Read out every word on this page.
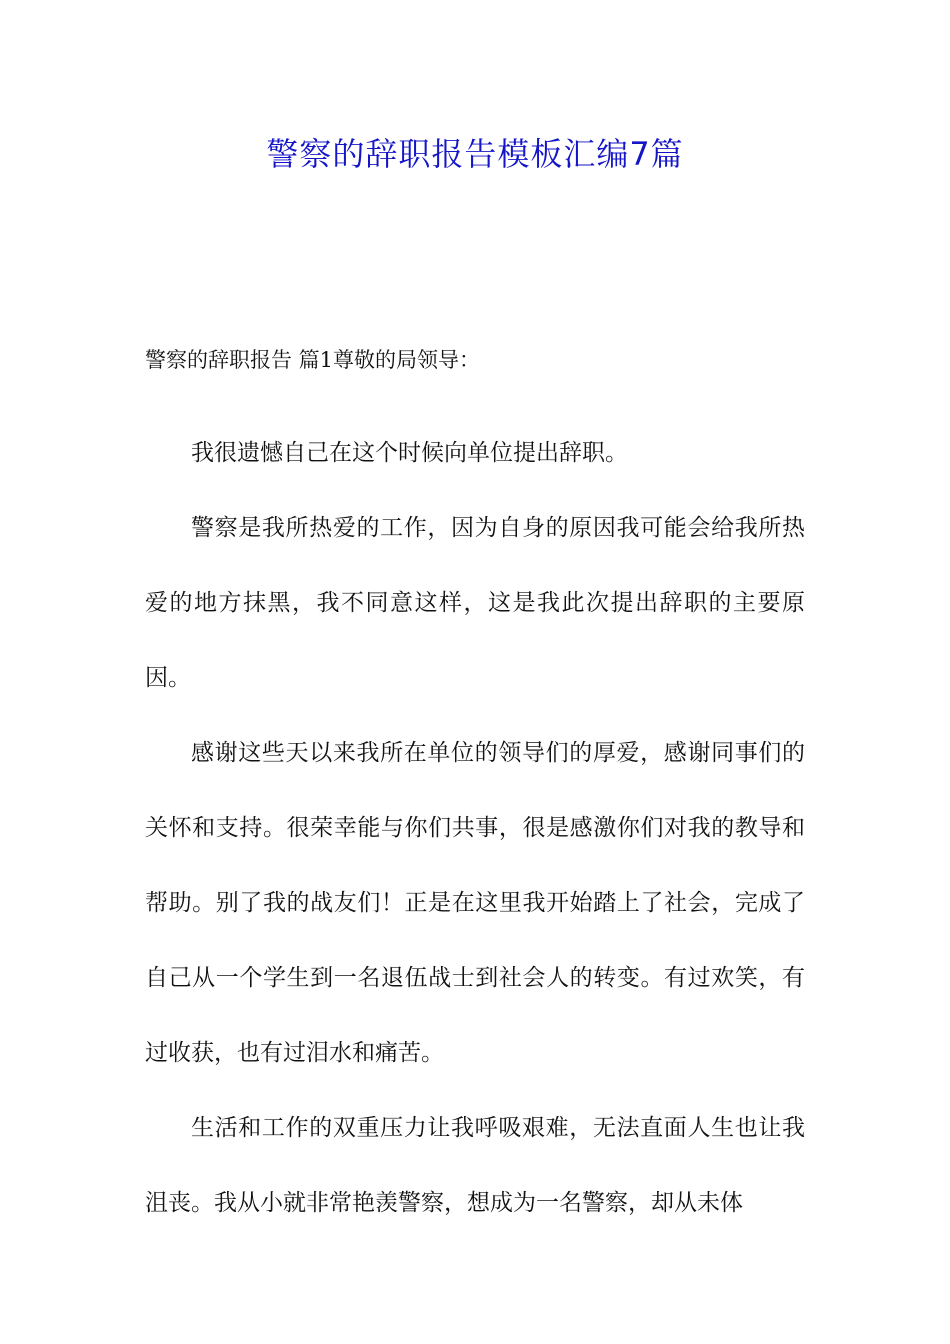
警察的辞职报告模板汇编7篇

警察的辞职报告 篇1尊敬的局领导：

我很遗憾自己在这个时候向单位提出辞职。

警察是我所热爱的工作，因为自身的原因我可能会给我所热爱的地方抹黑，我不同意这样，这是我此次提出辞职的主要原因。

感谢这些天以来我所在单位的领导们的厚爱，感谢同事们的关怀和支持。很荣幸能与你们共事，很是感激你们对我的教导和帮助。别了我的战友们！正是在这里我开始踏上了社会，完成了自己从一个学生到一名退伍战士到社会人的转变。有过欢笑，有过收获，也有过泪水和痛苦。

生活和工作的双重压力让我呼吸艰难，无法直面人生也让我沮丧。我从小就非常艳羡警察，想成为一名警察，却从未体
